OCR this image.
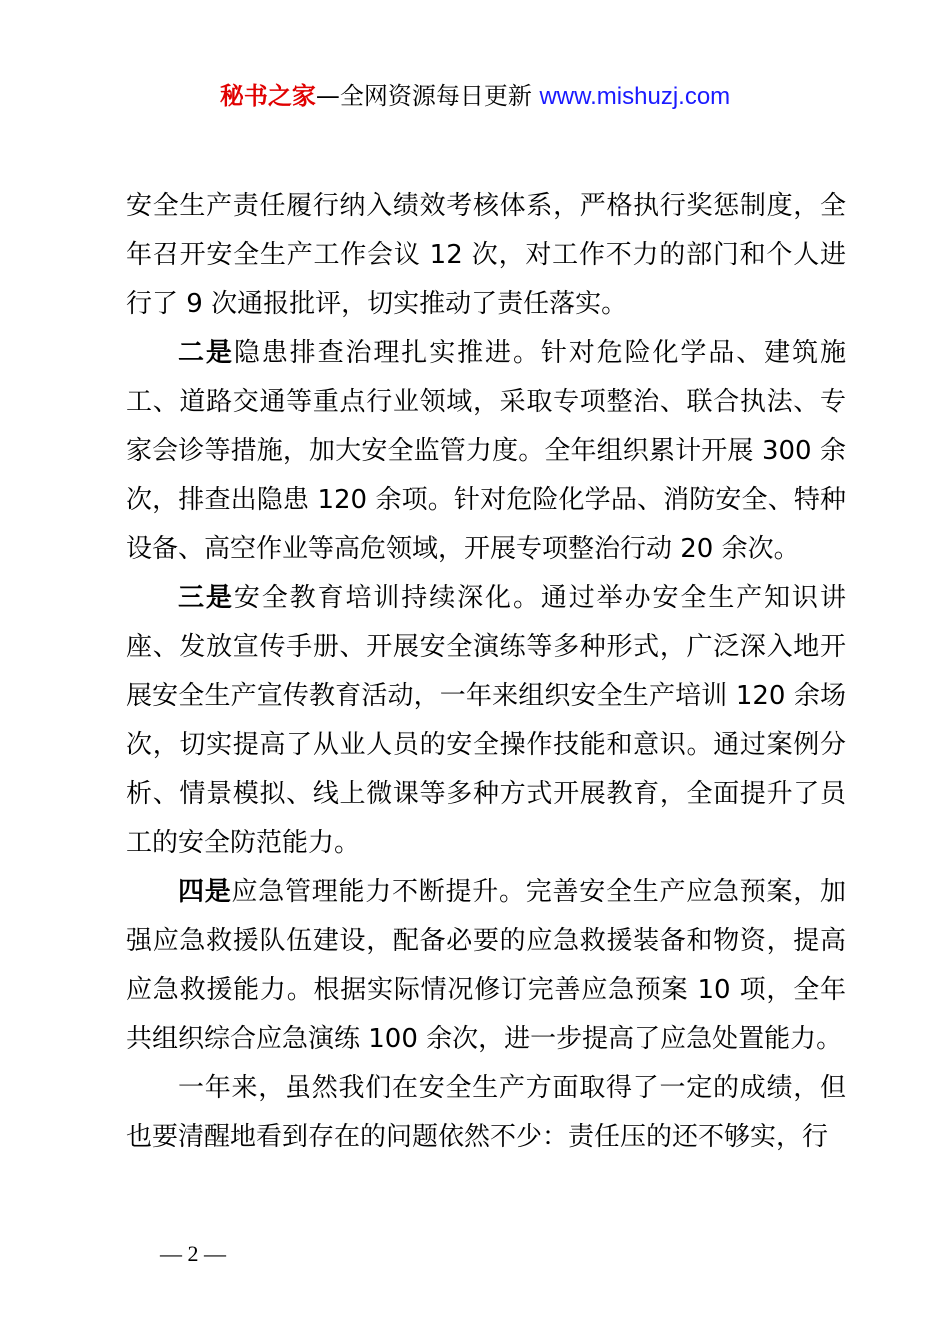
秘书之家—全网资源每日更新 www.mishuzj.com

安全生产责任履行纳入绩效考核体系，严格执行奖惩制度，全年召开安全生产工作会议 12 次，对工作不力的部门和个人进行了 9 次通报批评，切实推动了责任落实。

二是隐患排查治理扎实推进。针对危险化学品、建筑施工、道路交通等重点行业领域，采取专项整治、联合执法、专家会诊等措施，加大安全监管力度。全年组织累计开展 300 余次，排查出隐患 120 余项。针对危险化学品、消防安全、特种设备、高空作业等高危领域，开展专项整治行动 20 余次。

三是安全教育培训持续深化。通过举办安全生产知识讲座、发放宣传手册、开展安全演练等多种形式，广泛深入地开展安全生产宣传教育活动，一年来组织安全生产培训 120 余场次，切实提高了从业人员的安全操作技能和意识。通过案例分析、情景模拟、线上微课等多种方式开展教育，全面提升了员工的安全防范能力。

四是应急管理能力不断提升。完善安全生产应急预案，加强应急救援队伍建设，配备必要的应急救援装备和物资，提高应急救援能力。根据实际情况修订完善应急预案 10 项，全年共组织综合应急演练 100 余次，进一步提高了应急处置能力。

一年来，虽然我们在安全生产方面取得了一定的成绩，但也要清醒地看到存在的问题依然不少：责任压的还不够实，行

— 2 —
